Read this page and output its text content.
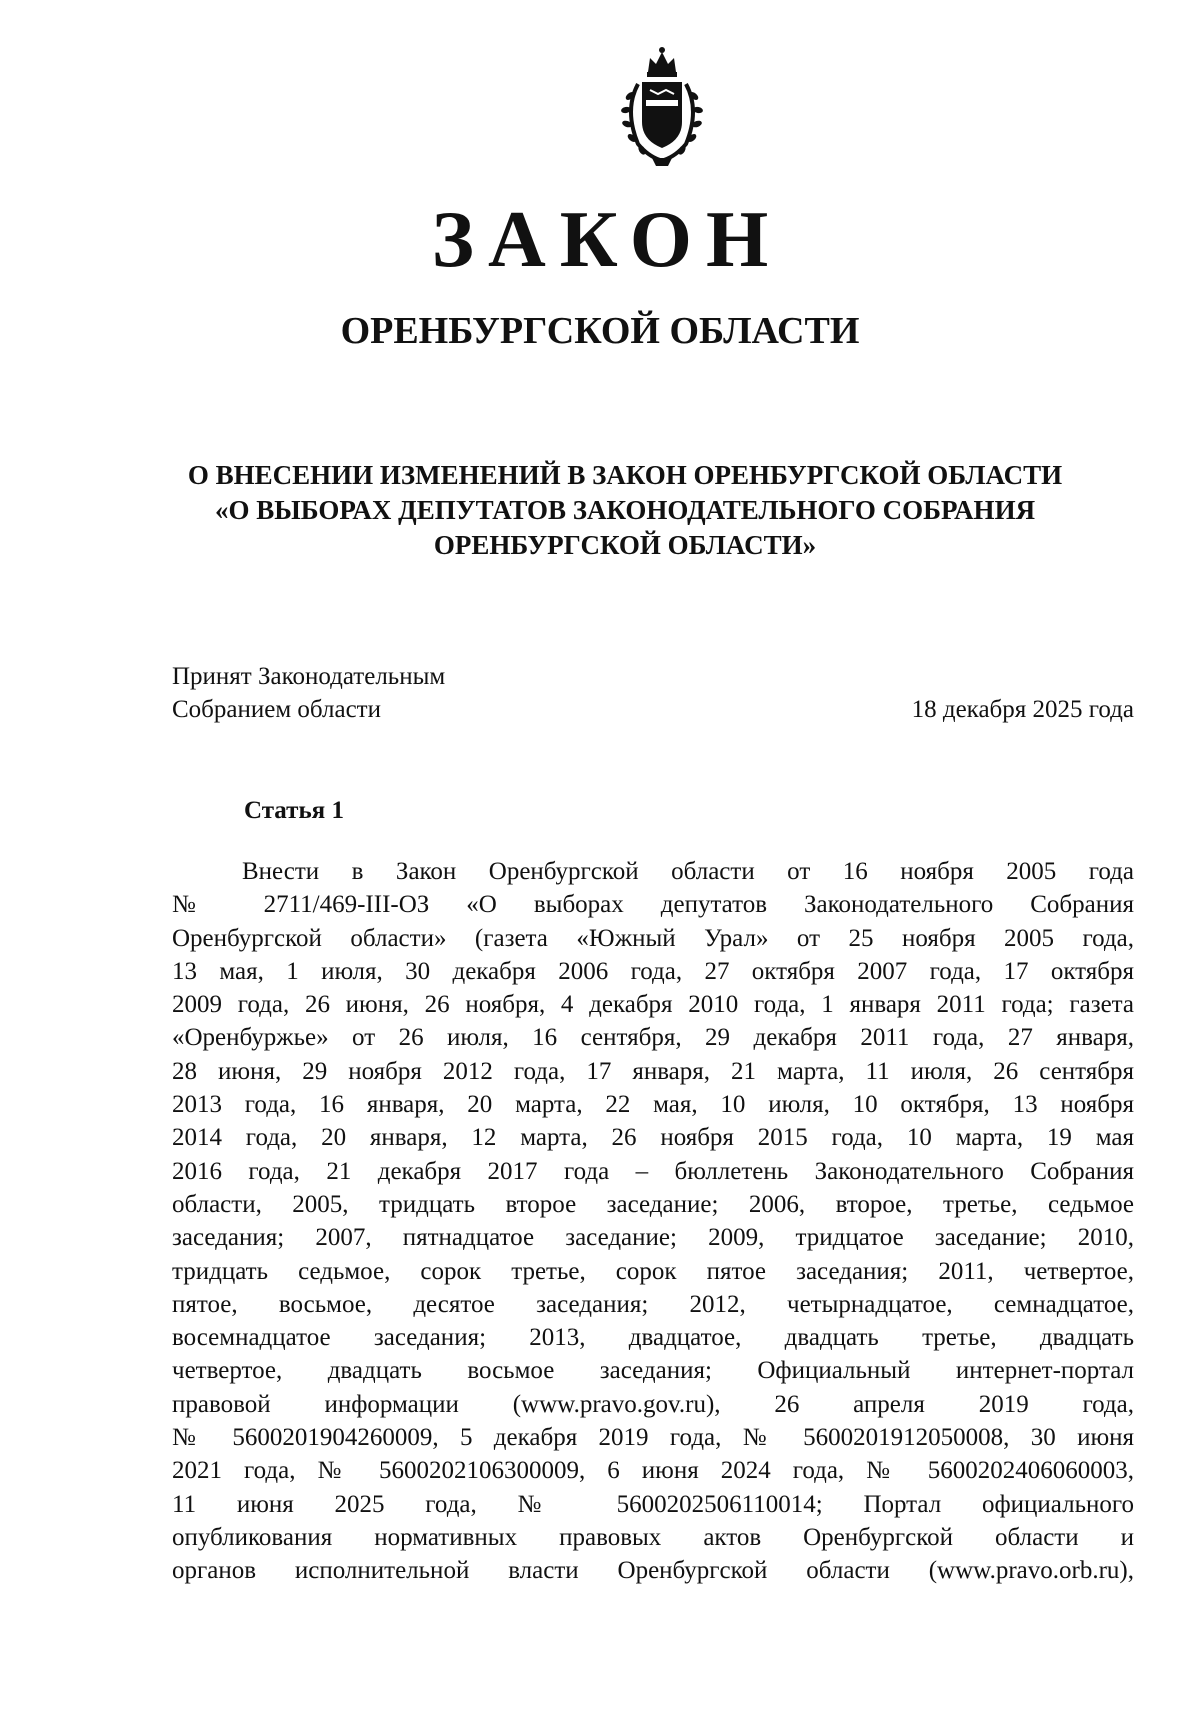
ЗАКОН
ОРЕНБУРГСКОЙ ОБЛАСТИ
О ВНЕСЕНИИ ИЗМЕНЕНИЙ В ЗАКОН ОРЕНБУРГСКОЙ ОБЛАСТИ
«О ВЫБОРАХ ДЕПУТАТОВ ЗАКОНОДАТЕЛЬНОГО СОБРАНИЯ
ОРЕНБУРГСКОЙ ОБЛАСТИ»
Принят Законодательным
Собранием области	18 декабря 2025 года
Статья 1
Внести в Закон Оренбургской области от 16 ноября 2005 года
№ 2711/469-III-ОЗ «О выборах депутатов Законодательного Собрания
Оренбургской области» (газета «Южный Урал» от 25 ноября 2005 года,
13 мая, 1 июля, 30 декабря 2006 года, 27 октября 2007 года, 17 октября
2009 года, 26 июня, 26 ноября, 4 декабря 2010 года, 1 января 2011 года; газета
«Оренбуржье» от 26 июля, 16 сентября, 29 декабря 2011 года, 27 января,
28 июня, 29 ноября 2012 года, 17 января, 21 марта, 11 июля, 26 сентября
2013 года, 16 января, 20 марта, 22 мая, 10 июля, 10 октября, 13 ноября
2014 года, 20 января, 12 марта, 26 ноября 2015 года, 10 марта, 19 мая
2016 года, 21 декабря 2017 года – бюллетень Законодательного Собрания
области, 2005, тридцать второе заседание; 2006, второе, третье, седьмое
заседания; 2007, пятнадцатое заседание; 2009, тридцатое заседание; 2010,
тридцать седьмое, сорок третье, сорок пятое заседания; 2011, четвертое,
пятое, восьмое, десятое заседания; 2012, четырнадцатое, семнадцатое,
восемнадцатое заседания; 2013, двадцатое, двадцать третье, двадцать
четвертое, двадцать восьмое заседания; Официальный интернет-портал
правовой информации (www.pravo.gov.ru), 26 апреля 2019 года,
№ 5600201904260009, 5 декабря 2019 года, № 5600201912050008, 30 июня
2021 года, № 5600202106300009, 6 июня 2024 года, № 5600202406060003,
11 июня 2025 года, № 5600202506110014; Портал официального
опубликования нормативных правовых актов Оренбургской области и
органов исполнительной власти Оренбургской области (www.pravo.orb.ru),
